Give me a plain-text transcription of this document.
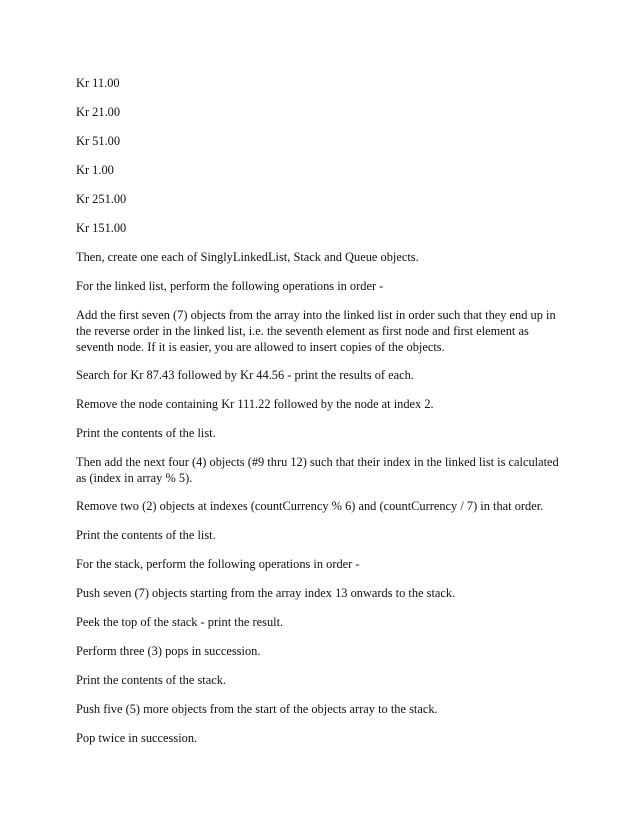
Kr 11.00

Kr 21.00

Kr 51.00

Kr 1.00

Kr 251.00

Kr 151.00

Then, create one each of SinglyLinkedList, Stack and Queue objects.

For the linked list, perform the following operations in order -

Add the first seven (7) objects from the array into the linked list in order such that they end up in

the reverse order in the linked list, i.e. the seventh element as first node and first element as

seventh node. If it is easier, you are allowed to insert copies of the objects.

Search for Kr 87.43 followed by Kr 44.56 - print the results of each.

Remove the node containing Kr 111.22 followed by the node at index 2.

Print the contents of the list.

Then add the next four (4) objects (#9 thru 12) such that their index in the linked list is calculated

as (index in array % 5).

Remove two (2) objects at indexes (countCurrency % 6) and (countCurrency / 7) in that order.

Print the contents of the list.

For the stack, perform the following operations in order -

Push seven (7) objects starting from the array index 13 onwards to the stack.

Peek the top of the stack - print the result.

Perform three (3) pops in succession.

Print the contents of the stack.

Push five (5) more objects from the start of the objects array to the stack.

Pop twice in succession.
